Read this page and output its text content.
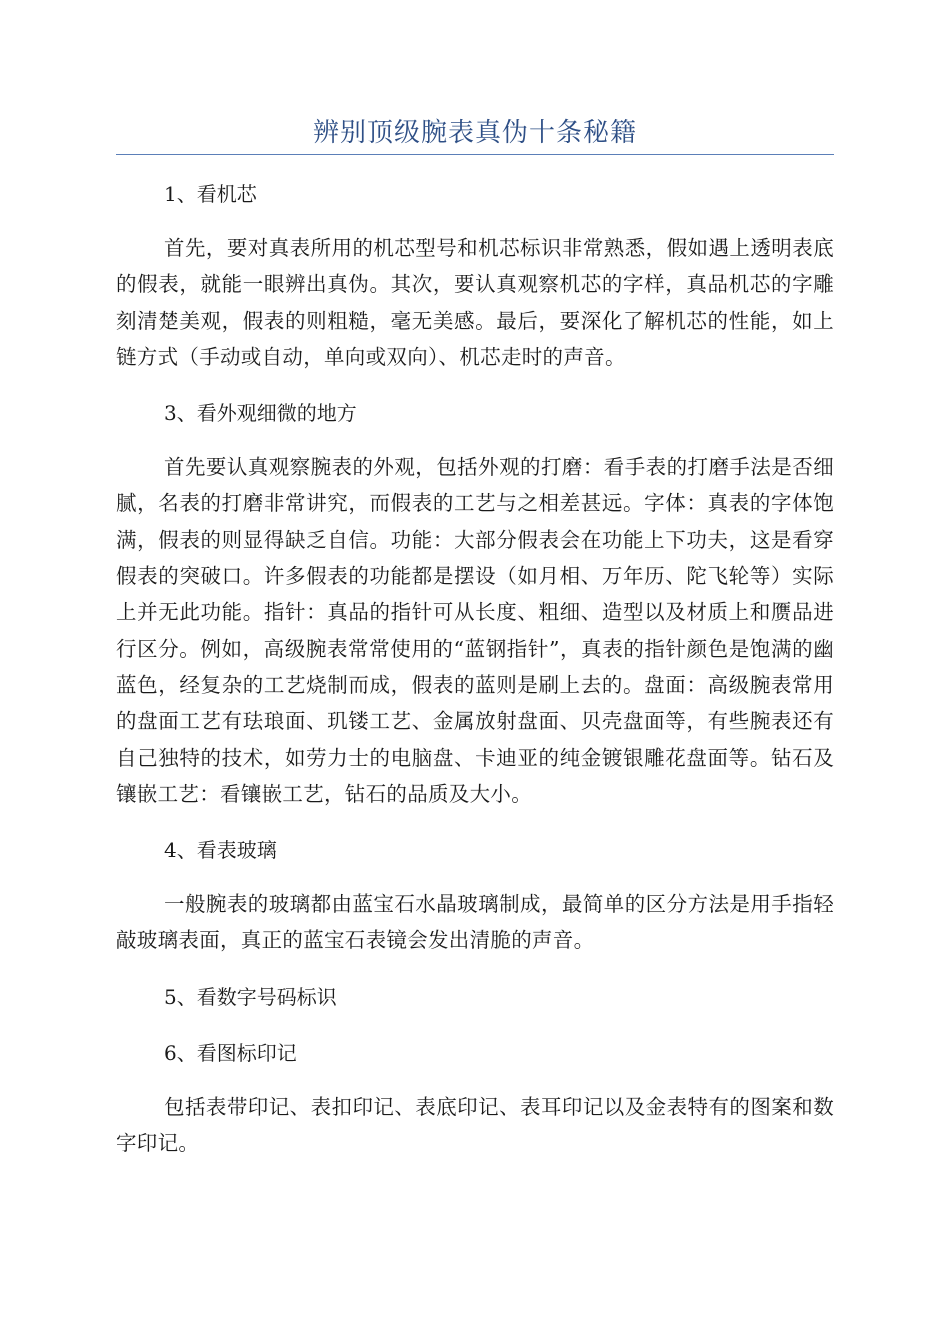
辨别顶级腕表真伪十条秘籍

1、看机芯

首先，要对真表所用的机芯型号和机芯标识非常熟悉，假如遇上透明表底的假表，就能一眼辨出真伪。其次，要认真观察机芯的字样，真品机芯的字雕刻清楚美观，假表的则粗糙，毫无美感。最后，要深化了解机芯的性能，如上链方式（手动或自动，单向或双向）、机芯走时的声音。

3、看外观细微的地方

首先要认真观察腕表的外观，包括外观的打磨：看手表的打磨手法是否细腻，名表的打磨非常讲究，而假表的工艺与之相差甚远。字体：真表的字体饱满，假表的则显得缺乏自信。功能：大部分假表会在功能上下功夫，这是看穿假表的突破口。许多假表的功能都是摆设（如月相、万年历、陀飞轮等）实际上并无此功能。指针：真品的指针可从长度、粗细、造型以及材质上和赝品进行区分。例如，高级腕表常常使用的“蓝钢指针”，真表的指针颜色是饱满的幽蓝色，经复杂的工艺烧制而成，假表的蓝则是刷上去的。盘面：高级腕表常用的盘面工艺有珐琅面、玑镂工艺、金属放射盘面、贝壳盘面等，有些腕表还有自己独特的技术，如劳力士的电脑盘、卡迪亚的纯金镀银雕花盘面等。钻石及镶嵌工艺：看镶嵌工艺，钻石的品质及大小。

4、看表玻璃

一般腕表的玻璃都由蓝宝石水晶玻璃制成，最简单的区分方法是用手指轻敲玻璃表面，真正的蓝宝石表镜会发出清脆的声音。

5、看数字号码标识

6、看图标印记

包括表带印记、表扣印记、表底印记、表耳印记以及金表特有的图案和数字印记。
